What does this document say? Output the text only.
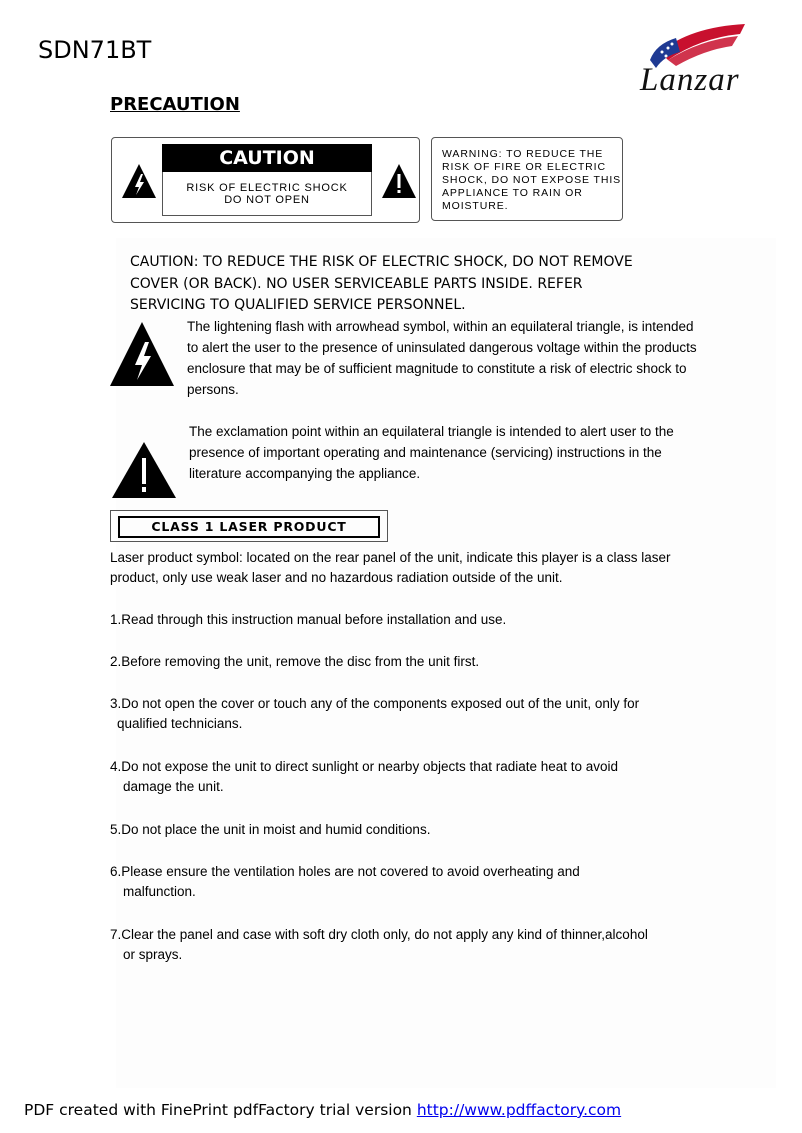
SDN71BT
Lanzar
PRECAUTION
CAUTION
RISK OF ELECTRIC SHOCK
DO NOT OPEN
WARNING: TO REDUCE THE RISK OF FIRE OR ELECTRIC SHOCK, DO NOT EXPOSE THIS APPLIANCE TO RAIN OR MOISTURE.
CAUTION: TO REDUCE THE RISK OF ELECTRIC SHOCK, DO NOT REMOVE COVER (OR BACK). NO USER SERVICEABLE PARTS INSIDE. REFER SERVICING TO QUALIFIED SERVICE PERSONNEL.
The lightening flash with arrowhead symbol, within an equilateral triangle, is intended to alert the user to the presence of uninsulated dangerous voltage within the products enclosure that may be of sufficient magnitude to constitute a risk of electric shock to persons.
The exclamation point within an equilateral triangle is intended to alert user to the presence of important operating and maintenance (servicing) instructions in the literature accompanying the appliance.
CLASS 1 LASER PRODUCT
Laser product symbol: located on the rear panel of the unit, indicate this player is a class laser product, only use weak laser and no hazardous radiation outside of the unit.
1.Read through this instruction manual before installation and use.
2.Before removing the unit, remove the disc from the unit first.
3.Do not open the cover or touch any of the components exposed out of the unit, only for
qualified technicians.
4.Do not expose the unit to direct sunlight or nearby objects that radiate heat to avoid
damage the unit.
5.Do not place the unit in moist and humid conditions.
6.Please ensure the ventilation holes are not covered to avoid overheating and
malfunction.
7.Clear the panel and case with soft dry cloth only, do not apply any kind of thinner,alcohol
or sprays.
PDF created with FinePrint pdfFactory trial version http://www.pdffactory.com
